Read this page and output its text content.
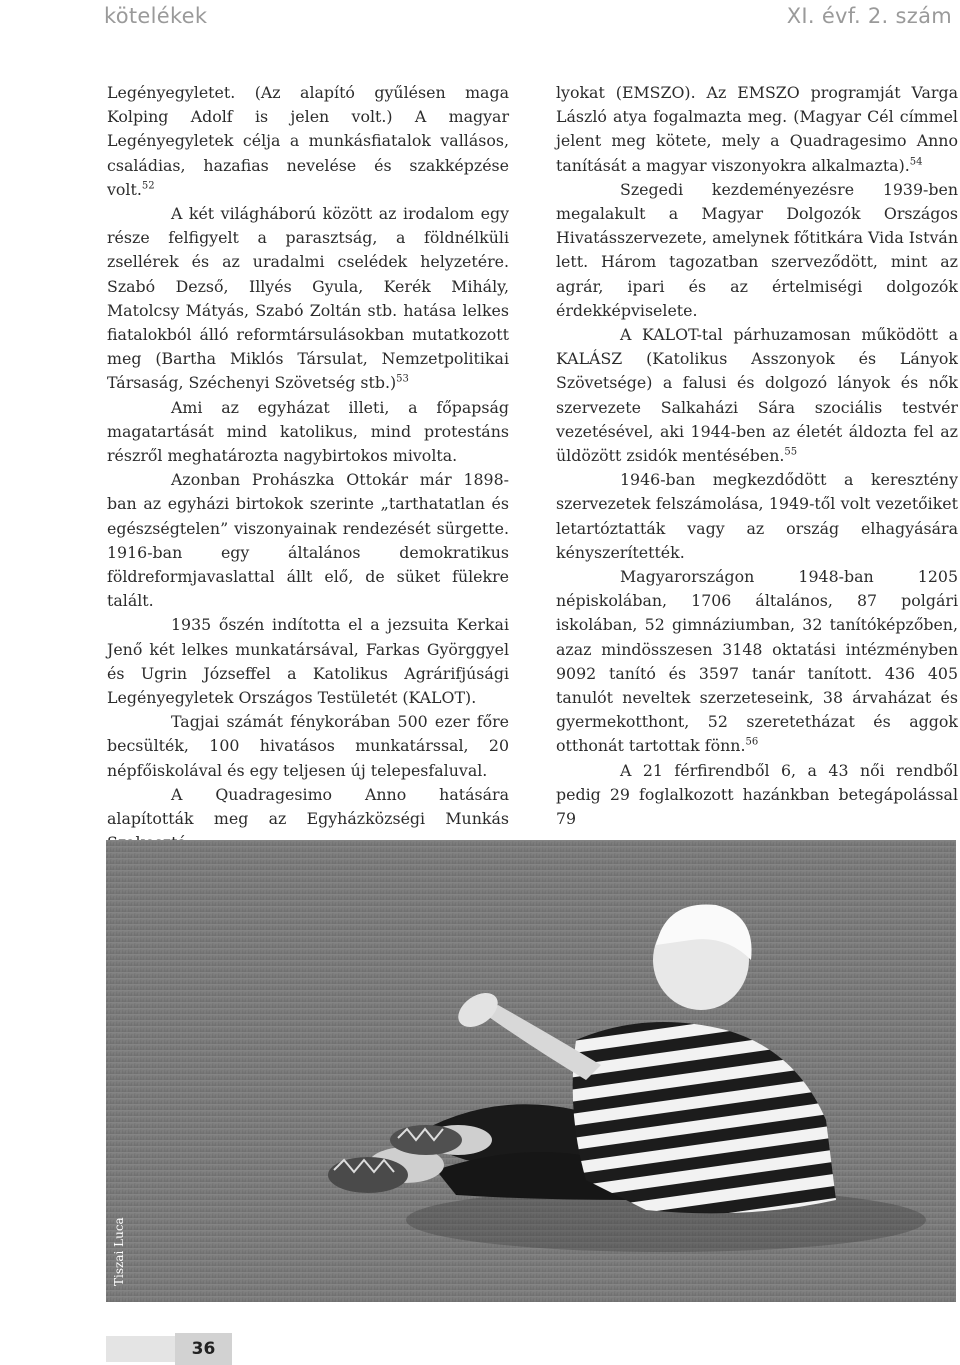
kötelékek	XI. évf. 2. szám

Legényegyletet. (Az alapító gyűlésen maga Kolping Adolf is jelen volt.) A magyar Legényegyletek célja a munkásfiatalok vallásos, családias, hazafias nevelése és szakképzése volt.$^{52}$

A két világháború között az irodalom egy része felfigyelt a parasztság, a földnélküli zsellérek és az uradalmi cselédek helyzetére. Szabó Dezső, Illyés Gyula, Kerék Mihály, Matolcsy Mátyás, Szabó Zoltán stb. hatása lelkes fiatalokból álló reformtársulásokban mutatkozott meg (Bartha Miklós Társulat, Nemzetpolitikai Társaság, Széchenyi Szövetség stb.)$^{53}$

Ami az egyházat illeti, a főpapság magatartását mind katolikus, mind protestáns részről meghatározta nagybirtokos mivolta.

Azonban Prohászka Ottokár már 1898-ban az egyházi birtokok szerinte „tarthatatlan és egészségtelen” viszonyainak rendezését sürgette. 1916-ban egy általános demokratikus földreformjavaslattal állt elő, de süket fülekre talált.

1935 őszén indította el a jezsuita Kerkai Jenő két lelkes munkatársával, Farkas Györggyel és Ugrin Józseffel a Katolikus Agrárifjúsági Legényegyletek Országos Testületét (KALOT).

Tagjai számát fénykorában 500 ezer főre becsülték, 100 hivatásos munkatárssal, 20 népfőiskolával és egy teljesen új telepesfaluval.

A Quadragesimo Anno hatására alapították meg az Egyházközségi Munkás

lyokat (EMSZO). Az EMSZO programját Varga László atya fogalmazta meg. (Magyar Cél címmel jelent meg kötete, mely a Quadragesimo Anno tanítását a magyar viszonyokra alkalmazta).$^{54}$

Szegedi kezdeményezésre 1939-ben megalakult a Magyar Dolgozók Országos Hivatásszervezete, amelynek főtitkára Vida István lett. Három tagozatban szerveződött, mint az agrár, ipari és az értelmiségi dolgozók érdekképviselete.

A KALOT-tal párhuzamosan működött a KALÁSZ (Katolikus Asszonyok és Lányok Szövetsége) a falusi és dolgozó lányok és nők szervezete Salkaházi Sára szociális testvér vezetésével, aki 1944-ben az életét áldozta fel az üldözött zsidók mentésében.$^{55}$

1946-ban megkezdődött a keresztény szervezetek felszámolása, 1949-től volt vezetőiket letartóztatták vagy az ország elhagyására kényszerítették.

Magyarországon 1948-ban 1205 népiskolában, 1706 általános, 87 polgári iskolában, 52 gimnáziumban, 32 tanítóképzőben, azaz mindösszesen 3148 oktatási intézményben 9092 tanító és 3597 tanár tanított. 436 405 tanulót neveltek szerzeteseink, 38 árvaházat és gyermekotthont, 52 szeretetházat és aggok otthonát tartottak fönn.$^{56}$

A 21 férfirendből 6, a 43 női rendből pedig 29 foglalkozott hazánkban betegápolással 79

Tiszai Luca
36
